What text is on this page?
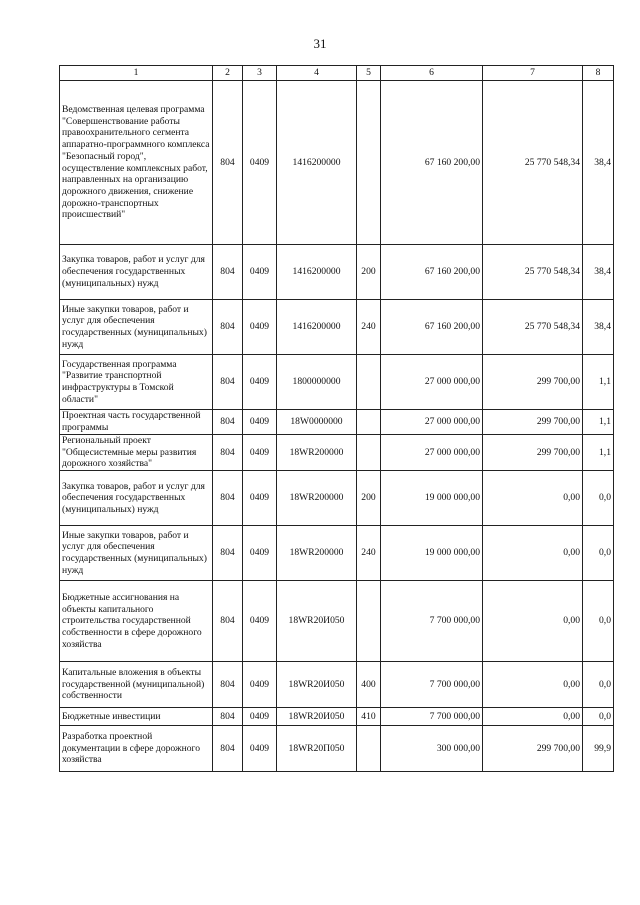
31
1	2	3	4	5	6	7	8
Ведомственная целевая программа "Совершенствование работы правоохранительного сегмента аппаратно-программного комплекса "Безопасный город", осуществление комплексных работ, направленных на организацию дорожного движения, снижение дорожно-транспортных происшествий"	804	0409	1416200000		67 160 200,00	25 770 548,34	38,4
Закупка товаров, работ и услуг для обеспечения государственных (муниципальных) нужд	804	0409	1416200000	200	67 160 200,00	25 770 548,34	38,4
Иные закупки товаров, работ и услуг для обеспечения государственных (муниципальных) нужд	804	0409	1416200000	240	67 160 200,00	25 770 548,34	38,4
Государственная программа "Развитие транспортной инфраструктуры в Томской области"	804	0409	1800000000		27 000 000,00	299 700,00	1,1
Проектная часть государственной программы	804	0409	18W0000000		27 000 000,00	299 700,00	1,1
Региональный проект "Общесистемные меры развития дорожного хозяйства"	804	0409	18WR200000		27 000 000,00	299 700,00	1,1
Закупка товаров, работ и услуг для обеспечения государственных (муниципальных) нужд	804	0409	18WR200000	200	19 000 000,00	0,00	0,0
Иные закупки товаров, работ и услуг для обеспечения государственных (муниципальных) нужд	804	0409	18WR200000	240	19 000 000,00	0,00	0,0
Бюджетные ассигнования на объекты капитального строительства государственной собственности в сфере дорожного хозяйства	804	0409	18WR20И050		7 700 000,00	0,00	0,0
Капитальные вложения в объекты государственной (муниципальной) собственности	804	0409	18WR20И050	400	7 700 000,00	0,00	0,0
Бюджетные инвестиции	804	0409	18WR20И050	410	7 700 000,00	0,00	0,0
Разработка проектной документации в сфере дорожного хозяйства	804	0409	18WR20П050		300 000,00	299 700,00	99,9
